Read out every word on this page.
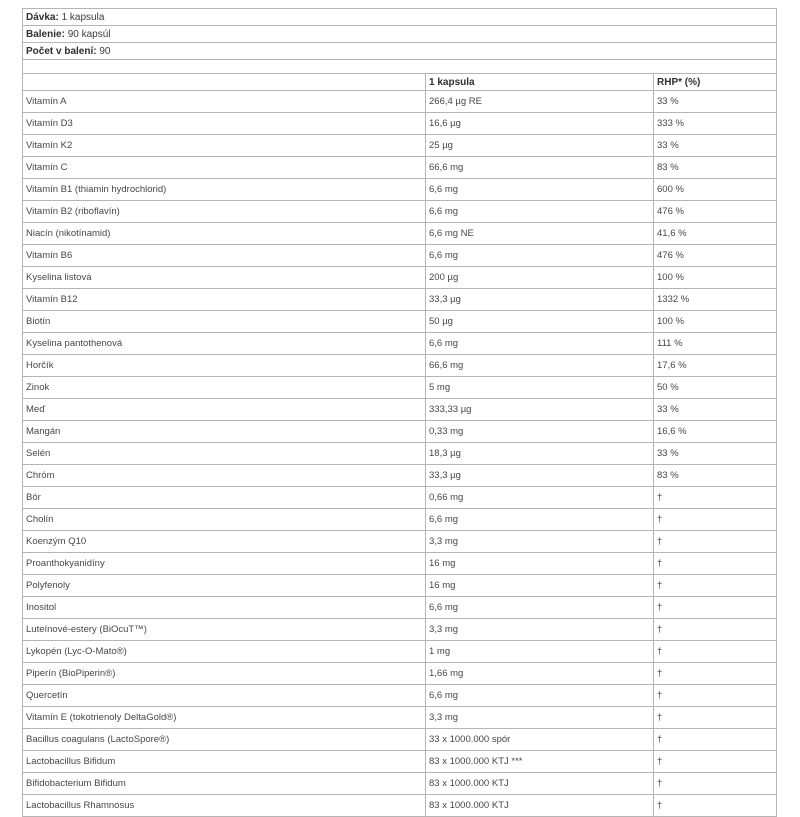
Dávka: 1 kapsula		
Balenie: 90 kapsúl		
Počet v balení: 90		

	1 kapsula	RHP* (%)
Vitamín A	266,4 µg RE	33 %
Vitamín D3	16,6 µg	333 %
Vitamín K2	25 µg	33 %
Vitamín C	66,6 mg	83 %
Vitamín B1 (thiamin hydrochlorid)	6,6 mg	600 %
Vitamín B2 (riboflavín)	6,6 mg	476 %
Niacín (nikotínamid)	6,6 mg NE	41,6 %
Vitamín B6	6,6 mg	476 %
Kyselina listová	200 µg	100 %
Vitamín B12	33,3 µg	1332 %
Biotín	50 µg	100 %
Kyselina pantothenová	6,6 mg	111 %
Horčík	66,6 mg	17,6 %
Zinok	5 mg	50 %
Meď	333,33 µg	33 %
Mangán	0,33 mg	16,6 %
Selén	18,3 µg	33 %
Chróm	33,3 µg	83 %
Bór	0,66 mg	†
Cholín	6,6 mg	†
Koenzým Q10	3,3 mg	†
Proanthokyanidíny	16 mg	†
Polyfenoly	16 mg	†
Inositol	6,6 mg	†
Luteínové-estery (BiOcuT™)	3,3 mg	†
Lykopén (Lyc-O-Mato®)	1 mg	†
Piperín (BioPiperin®)	1,66 mg	†
Quercetín	6,6 mg	†
Vitamín E (tokotrienoly DeltaGold®)	3,3 mg	†
Bacillus coagulans (LactoSpore®)	33 x 1000.000 spór	†
Lactobacillus Bifidum	83 x 1000.000 KTJ ***	†
Bifidobacterium Bifidum	83 x 1000.000 KTJ	†
Lactobacillus Rhamnosus	83 x 1000.000 KTJ	†
